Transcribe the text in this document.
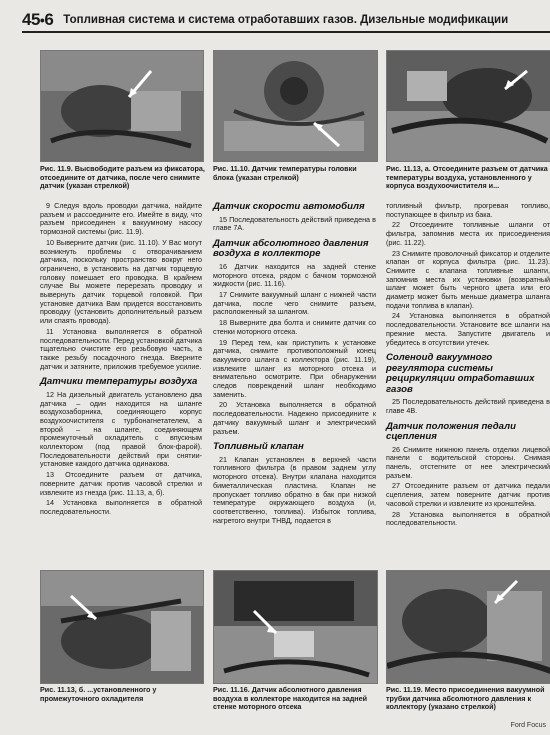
45•6 Топливная система и система отработавших газов. Дизельные модификации
Рис. 11.9. Высвободите разъем из фиксатора, отсоедините от датчика, после чего снимите датчик (указан стрелкой)
Рис. 11.10. Датчик температуры головки блока (указан стрелкой)
Рис. 11.13, а. Отсоедините разъем от датчика температуры воздуха, установленного у корпуса воздухоочистителя и...

9 Следуя вдоль проводки датчика, найдите разъем и рассоедините его. Имейте в виду, что разъем присоединен к вакуумному насосу тормозной системы (рис. 11.9).

10 Выверните датчик (рис. 11.10). У Вас могут возникнуть проблемы с отворачиванием датчика, поскольку пространство вокруг него ограничено, в установить на датчик торцевую головку помешает его проводка. В крайнем случае Вы можете перерезать проводку и вывернуть датчик торцевой головкой. При установке датчика Вам придется восстановить проводку (установить дополнительный разъем или спаять провода).

11 Установка выполняется в обратной последовательности. Перед установкой датчика тщательно очистите его резьбовую часть, а также резьбу посадочного гнезда. Вверните датчик и затяните, приложив требуемое усилие.

Датчики температуры воздуха

12 На дизельный двигатель установлено два датчика – один находится на шланге воздухозаборника, соединяющего корпус воздухоочистителя с турбонагнетателем, а второй – на шланге, соединяющем промежуточный охладитель с впускным коллектором (под правой блок-фарой). Последовательности действий при снятии-установке каждого датчика одинакова.

13 Отсоедините разъем от датчика, поверните датчик против часовой стрелки и извлеките из гнезда (рис. 11.13, а, б).

14 Установка выполняется в обратной последовательности.

Датчик скорости автомобиля

15 Последовательность действий приведена в главе 7А.

Датчик абсолютного давления воздуха в коллекторе

16 Датчик находится на задней стенке моторного отсека, рядом с бачком тормозной жидкости (рис. 11.16).

17 Снимите вакуумный шланг с нижней части датчика, после чего снимите разъем, расположенный за шлангом.

18 Выверните два болта и снимите датчик со стенки моторного отсека.

19 Перед тем, как приступить к установке датчика, снимите противоположный конец вакуумного шланга с коллектора (рис. 11.19), извлеките шланг из моторного отсека и внимательно осмотрите. При обнаружении следов повреждений шланг необходимо заменить.

20 Установка выполняется в обратной последовательности. Надежно присоедините к датчику вакуумный шланг и электрический разъем.

Топливный клапан

21 Клапан установлен в верхней части топливного фильтра (в правом заднем углу моторного отсека). Внутри клапана находится биметаллическая пластина. Клапан не пропускает топливо обратно в бак при низкой температуре окружающего воздуха (и, соответственно, топлива). Избыток топлива, нагретого внутри ТНВД, подается в

топливный фильтр, прогревая топливо, поступающее в фильтр из бака.

22 Отсоедините топливные шланги от фильтра, запомнив места их присоединения (рис. 11.22).

23 Снимите проволочный фиксатор и отделите клапан от корпуса фильтра (рис. 11.23). Снимите с клапана топливные шланги, запомнив места их установки (возвратный шланг может быть черного цвета или его диаметр может быть меньше диаметра шланга подачи топлива в клапан).

24 Установка выполняется в обратной последовательности. Установите все шланги на прежние места. Запустите двигатель и убедитесь в отсутствии утечек.

Соленоид вакуумного регулятора системы рециркуляции отработавших газов

25 Последовательность действий приведена в главе 4В.

Датчик положения педали сцепления

26 Снимите нижнюю панель отделки лицевой панели с водительской стороны. Снимая панель, отстегните от нее электрический разъем.

27 Отсоедините разъем от датчика педали сцепления, затем поверните датчик против часовой стрелки и извлеките из кронштейна.

28 Установка выполняется в обратной последовательности.

Рис. 11.13, б. ...установленного у промежуточного охладителя
Рис. 11.16. Датчик абсолютного давления воздуха в коллекторе находится на задней стенке моторного отсека
Рис. 11.19. Место присоединения вакуумной трубки датчика абсолютного давления к коллектору (указано стрелкой)
Ford Focus
